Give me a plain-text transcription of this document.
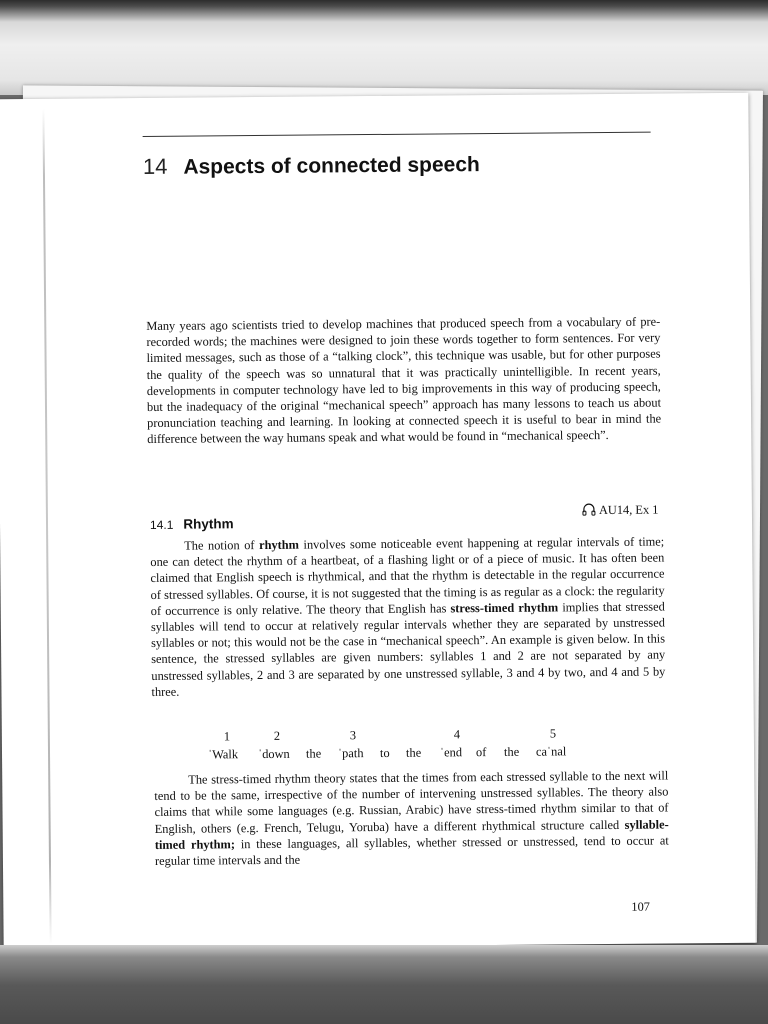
14 Aspects of connected speech

Many years ago scientists tried to develop machines that produced speech from a vocabulary of pre-recorded words; the machines were designed to join these words together to form sentences. For very limited messages, such as those of a “talking clock”, this technique was usable, but for other purposes the quality of the speech was so unnatural that it was practically unintelligible. In recent years, developments in computer technology have led to big improvements in this way of producing speech, but the inadequacy of the original “mechanical speech” approach has many lessons to teach us about pronunciation teaching and learning. In looking at connected speech it is useful to bear in mind the difference between the way humans speak and what would be found in “mechanical speech”.

14.1 Rhythm
AU14, Ex 1

The notion of rhythm involves some noticeable event happening at regular intervals of time; one can detect the rhythm of a heartbeat, of a flashing light or of a piece of music. It has often been claimed that English speech is rhythmical, and that the rhythm is detectable in the regular occurrence of stressed syllables. Of course, it is not suggested that the timing is as regular as a clock: the regularity of occurrence is only relative. The theory that English has stress-timed rhythm implies that stressed syllables will tend to occur at relatively regular intervals whether they are separated by unstressed syllables or not; this would not be the case in “mechanical speech”. An example is given below. In this sentence, the stressed syllables are given numbers: syllables 1 and 2 are not separated by any unstressed syllables, 2 and 3 are separated by one unstressed syllable, 3 and 4 by two, and 4 and 5 by three.

1	2	3	4	5
ˈWalk ˈdown the ˈpath to the ˈend of the caˈnal

The stress-timed rhythm theory states that the times from each stressed syllable to the next will tend to be the same, irrespective of the number of intervening unstressed syllables. The theory also claims that while some languages (e.g. Russian, Arabic) have stress-timed rhythm similar to that of English, others (e.g. French, Telugu, Yoruba) have a different rhythmical structure called syllable-timed rhythm; in these languages, all syllables, whether stressed or unstressed, tend to occur at regular time intervals and the

107
